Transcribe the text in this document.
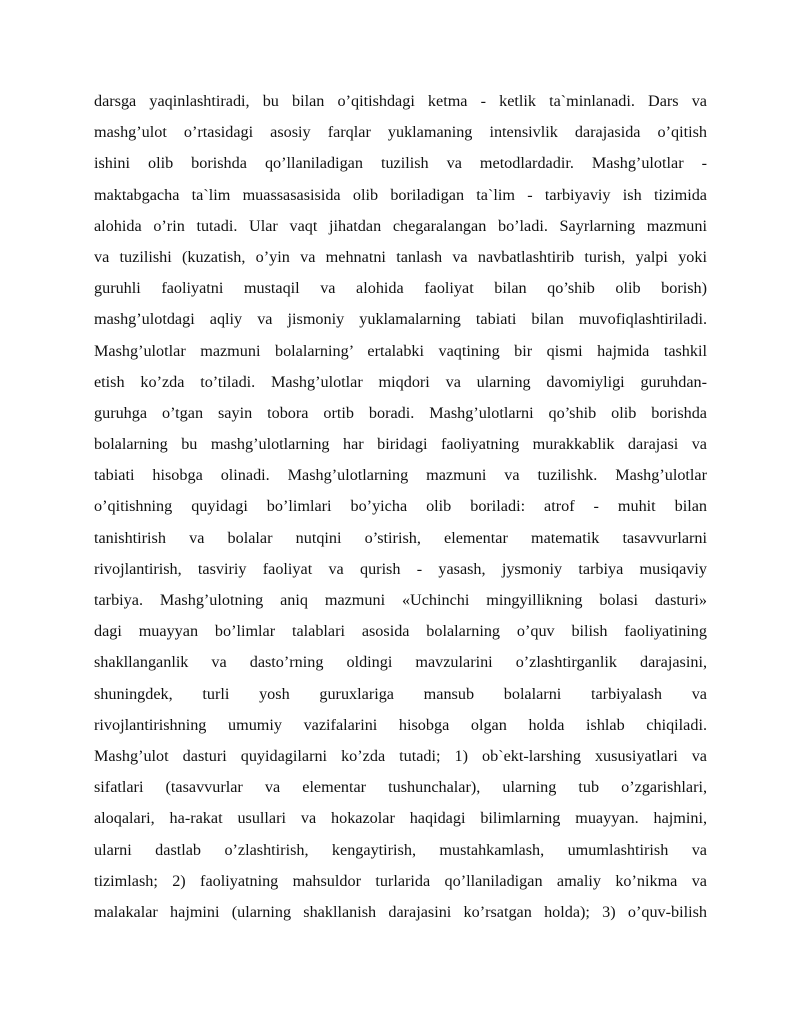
darsga yaqinlashtiradi, bu bilan o’qitishdagi ketma - ketlik ta`minlanadi. Dars va
mashg’ulot o’rtasidagi asosiy farqlar yuklamaning intensivlik darajasida o’qitish
ishini olib borishda qo’llaniladigan tuzilish va metodlardadir. Mashg’ulotlar -
maktabgacha ta`lim muassasasisida olib boriladigan ta`lim - tarbiyaviy ish tizimida
alohida o’rin tutadi. Ular vaqt jihatdan chegaralangan bo’ladi. Sayrlarning mazmuni
va tuzilishi (kuzatish, o’yin va mehnatni tanlash va navbatlashtirib turish, yalpi yoki
guruhli faoliyatni mustaqil va alohida faoliyat bilan qo’shib olib borish)
mashg’ulotdagi aqliy va jismoniy yuklamalarning tabiati bilan muvofiqlashtiriladi.
Mashg’ulotlar mazmuni bolalarning’ ertalabki vaqtining bir qismi hajmida tashkil
etish ko’zda to’tiladi. Mashg’ulotlar miqdori va ularning davomiyligi guruhdan-
guruhga o’tgan sayin tobora ortib boradi. Mashg’ulotlarni qo’shib olib borishda
bolalarning bu mashg’ulotlarning har biridagi faoliyatning murakkablik darajasi va
tabiati hisobga olinadi. Mashg’ulotlarning mazmuni va tuzilishk. Mashg’ulotlar
o’qitishning quyidagi bo’limlari bo’yicha olib boriladi: atrof - muhit bilan
tanishtirish va bolalar nutqini o’stirish, elementar matematik tasavvurlarni
rivojlantirish, tasviriy faoliyat va qurish - yasash, jysmoniy tarbiya musiqaviy
tarbiya. Mashg’ulotning aniq mazmuni «Uchinchi mingyillikning bolasi dasturi»
dagi muayyan bo’limlar talablari asosida bolalarning o’quv bilish faoliyatining
shakllanganlik va dasto’rning oldingi mavzularini o’zlashtirganlik darajasini,
shuningdek, turli yosh guruxlariga mansub bolalarni tarbiyalash va
rivojlantirishning umumiy vazifalarini hisobga olgan holda ishlab chiqiladi.
Mashg’ulot dasturi quyidagilarni ko’zda tutadi; 1) ob`ekt-larshing xususiyatlari va
sifatlari (tasavvurlar va elementar tushunchalar), ularning tub o’zgarishlari,
aloqalari, ha-rakat usullari va hokazolar haqidagi bilimlarning muayyan. hajmini,
ularni dastlab o’zlashtirish, kengaytirish, mustahkamlash, umumlashtirish va
tizimlash; 2) faoliyatning mahsuldor turlarida qo’llaniladigan amaliy ko’nikma va
malakalar hajmini (ularning shakllanish darajasini ko’rsatgan holda); 3) o’quv-bilish
